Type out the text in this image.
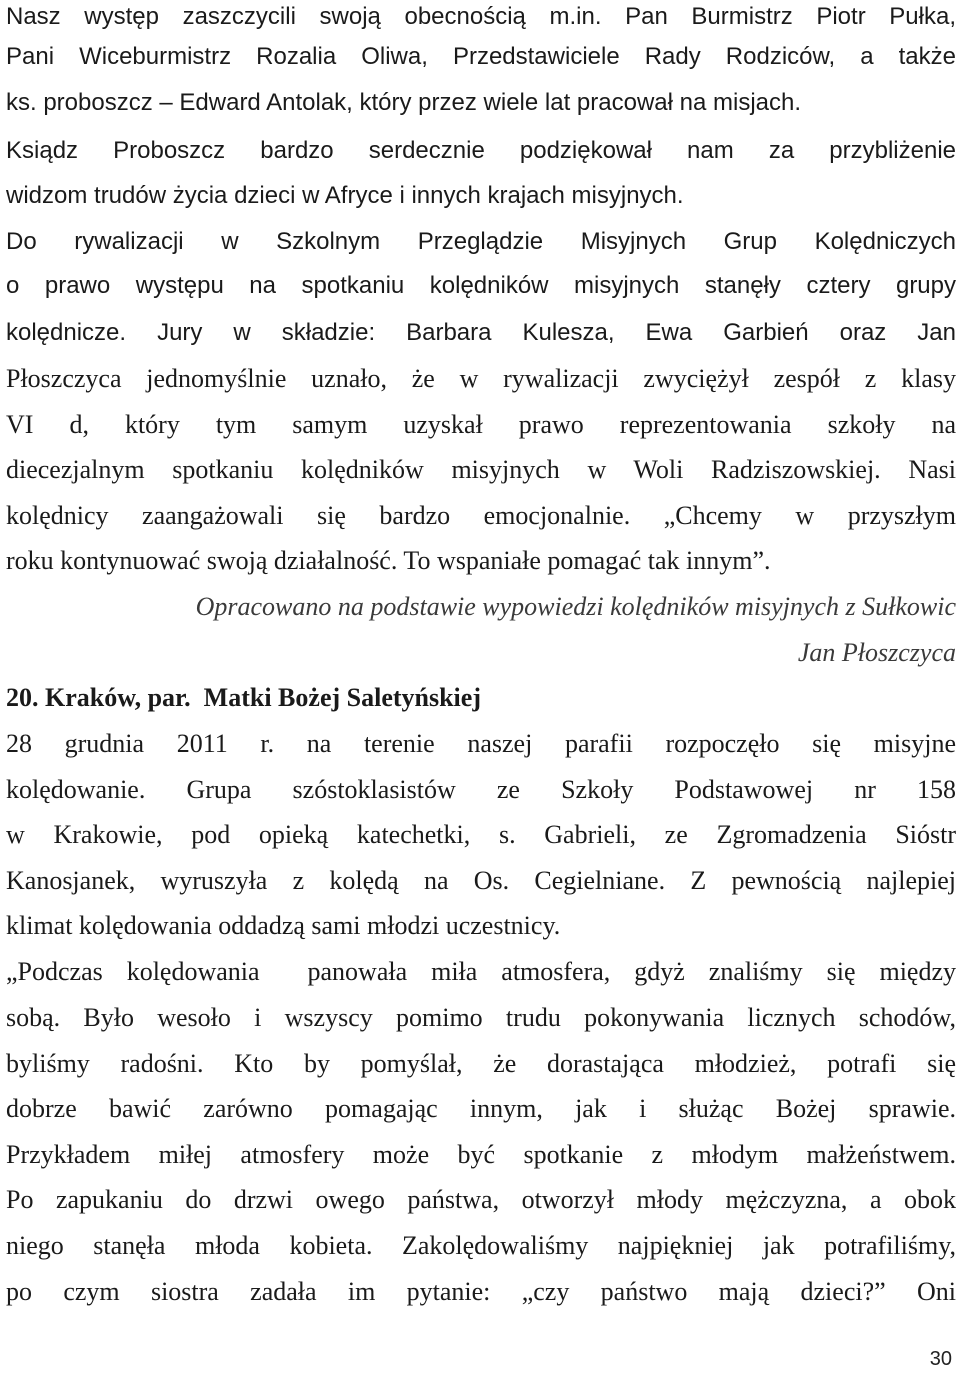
Nasz występ zaszczycili swoją obecnością m.in. Pan Burmistrz Piotr Pułka,
Pani Wiceburmistrz Rozalia Oliwa, Przedstawiciele Rady Rodziców, a także
ks. proboszcz – Edward Antolak, który przez wiele lat pracował na misjach.
Ksiądz Proboszcz bardzo serdecznie podziękował nam za przybliżenie
widzom trudów życia dzieci w Afryce i innych krajach misyjnych.
Do rywalizacji w Szkolnym Przeglądzie Misyjnych Grup Kolędniczych
o prawo występu na spotkaniu kolędników misyjnych stanęły cztery grupy
kolędnicze. Jury w składzie: Barbara Kulesza, Ewa Garbień oraz Jan
Płoszczyca jednomyślnie uznało, że w rywalizacji zwyciężył zespół z klasy
VI d, który tym samym uzyskał prawo reprezentowania szkoły na
diecezjalnym spotkaniu kolędników misyjnych w Woli Radziszowskiej. Nasi
kolędnicy zaangażowali się bardzo emocjonalnie. „Chcemy w przyszłym
roku kontynuować swoją działalność. To wspaniałe pomagać tak innym”.
Opracowano na podstawie wypowiedzi kolędników misyjnych z Sułkowic
Jan Płoszczyca
20. Kraków, par.  Matki Bożej Saletyńskiej
28 grudnia 2011 r. na terenie naszej parafii rozpoczęło się misyjne
kolędowanie. Grupa szóstoklasistów ze Szkoły Podstawowej nr 158
w Krakowie, pod opieką katechetki, s. Gabrieli, ze Zgromadzenia Sióstr
Kanosjanek, wyruszyła z kolędą na Os. Cegielniane. Z pewnością najlepiej
klimat kolędowania oddadzą sami młodzi uczestnicy.
„Podczas kolędowania  panowała miła atmosfera, gdyż znaliśmy się między
sobą. Było wesoło i wszyscy pomimo trudu pokonywania licznych schodów,
byliśmy radośni. Kto by pomyślał, że dorastająca młodzież, potrafi się
dobrze bawić zarówno pomagając innym, jak i służąc Bożej sprawie.
Przykładem miłej atmosfery może być spotkanie z młodym małżeństwem.
Po zapukaniu do drzwi owego państwa, otworzył młody mężczyzna, a obok
niego stanęła młoda kobieta. Zakolędowaliśmy najpiękniej jak potrafiliśmy,
po czym siostra zadała im pytanie: „czy państwo mają dzieci?” Oni
30
